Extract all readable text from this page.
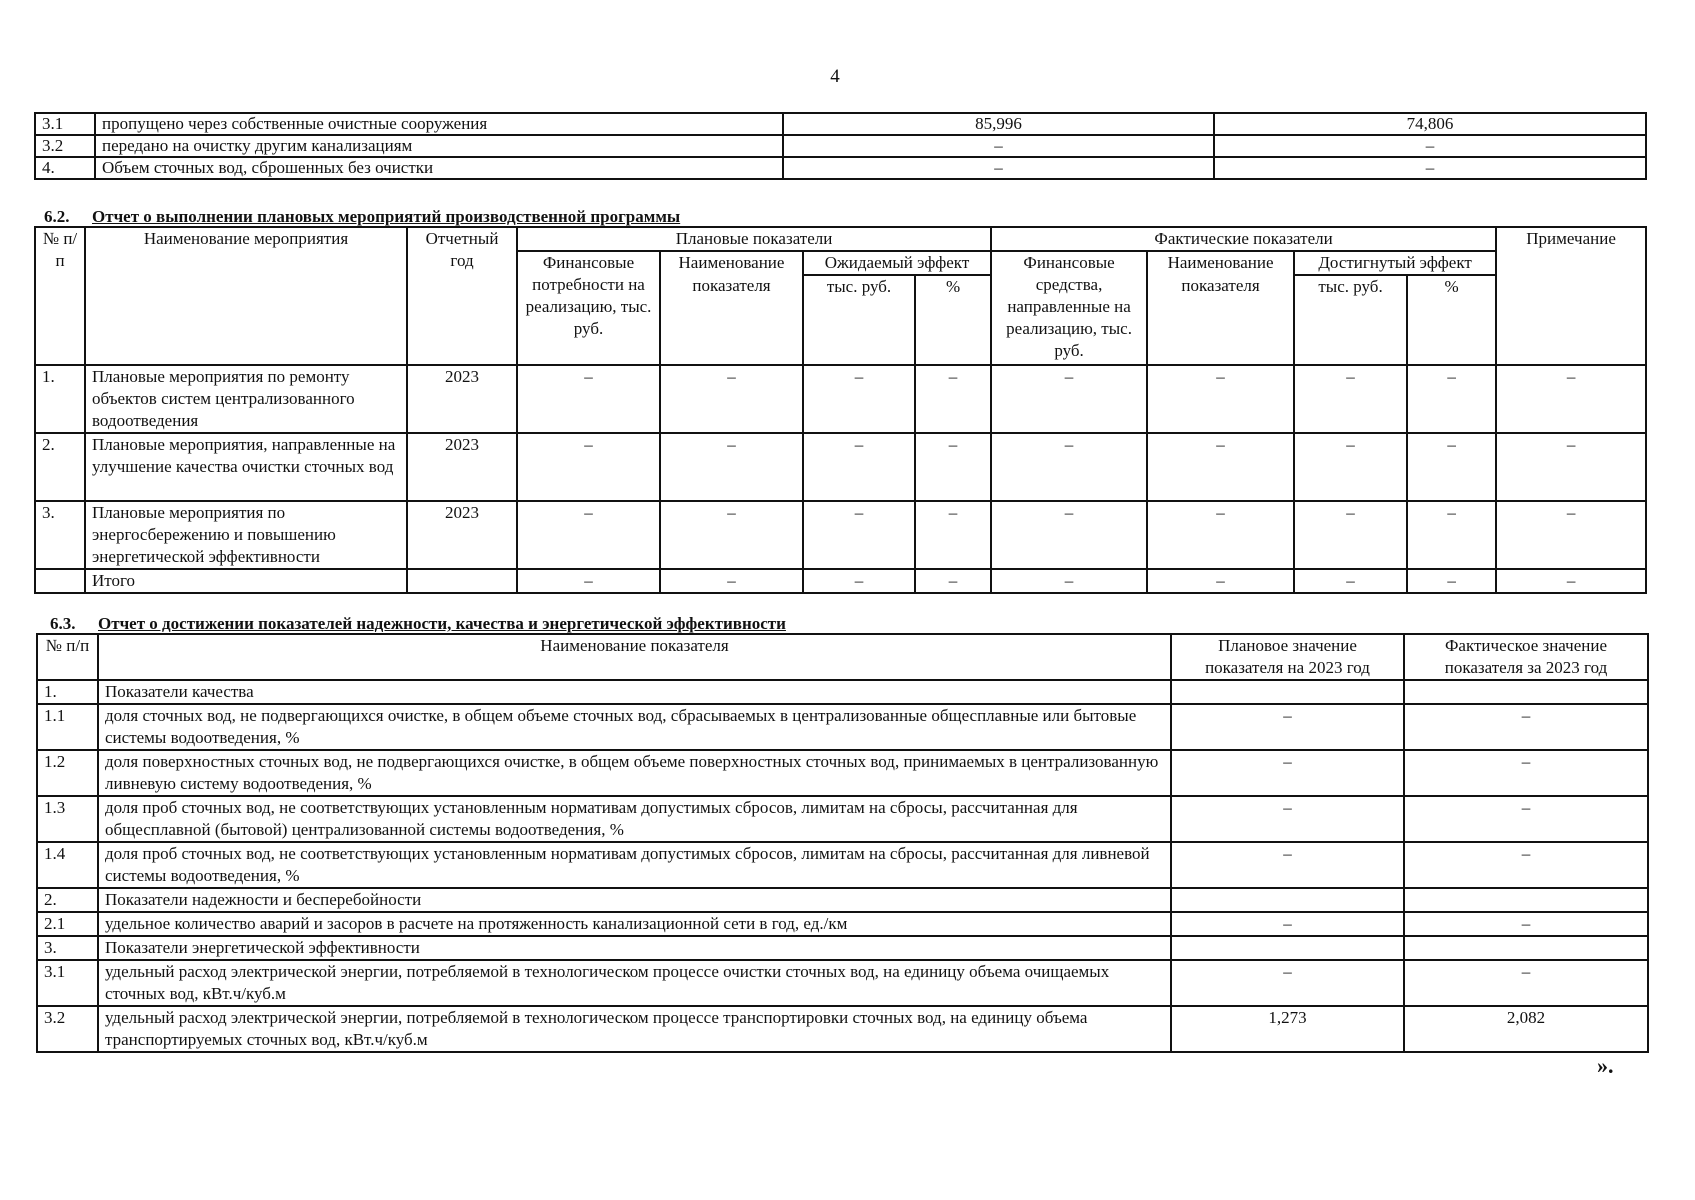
4
3.1	пропущено через собственные очистные сооружения	85,996	74,806
3.2	передано на очистку другим канализациям	–	–
4.	Объем сточных вод, сброшенных без очистки	–	–
6.2. Отчет о выполнении плановых мероприятий производственной программы
№ п/п	Наименование мероприятия	Отчетный год	Плановые показатели				Фактические показатели				Примечание
			Финансовые потребности на реализацию, тыс. руб.	Наименование	Ожидаемый эффект		Финансовые средства, направленные на реализацию, тыс. руб.	Наименование	Достигнутый эффект		
				показателя	тыс. руб.	%		показателя	тыс. руб.	%	
1.	Плановые мероприятия по ремонту объектов систем централизованного водоотведения	2023	–	–	–	–	–	–	–	–	–
2.	Плановые мероприятия, направленные на улучшение качества очистки сточных вод	2023	–	–	–	–	–	–	–	–	–
3.	Плановые мероприятия по энергосбережению и повышению энергетической эффективности	2023	–	–	–	–	–	–	–	–	–
	Итого		–	–	–	–	–	–	–	–	–
6.3. Отчет о достижении показателей надежности, качества и энергетической эффективности
№ п/п	Наименование показателя	Плановое значение показателя на 2023 год	Фактическое значение показателя за 2023 год
1.	Показатели качества		
1.1	доля сточных вод, не подвергающихся очистке, в общем объеме сточных вод, сбрасываемых в централизованные общесплавные или бытовые системы водоотведения, %	–	–
1.2	доля поверхностных сточных вод, не подвергающихся очистке, в общем объеме поверхностных сточных вод, принимаемых в централизованную ливневую систему водоотведения, %	–	–
1.3	доля проб сточных вод, не соответствующих установленным нормативам допустимых сбросов, лимитам на сбросы, рассчитанная для общесплавной (бытовой) централизованной системы водоотведения, %	–	–
1.4	доля проб сточных вод, не соответствующих установленным нормативам допустимых сбросов, лимитам на сбросы, рассчитанная для ливневой системы водоотведения, %	–	–
2.	Показатели надежности и бесперебойности		
2.1	удельное количество аварий и засоров в расчете на протяженность канализационной сети в год, ед./км	–	–
3.	Показатели энергетической эффективности		
3.1	удельный расход электрической энергии, потребляемой в технологическом процессе очистки сточных вод, на единицу объема очищаемых сточных вод, кВт.ч/куб.м	–	–
3.2	удельный расход электрической энергии, потребляемой в технологическом процессе транспортировки сточных вод, на единицу объема транспортируемых сточных вод, кВт.ч/куб.м	1,273	2,082
».
